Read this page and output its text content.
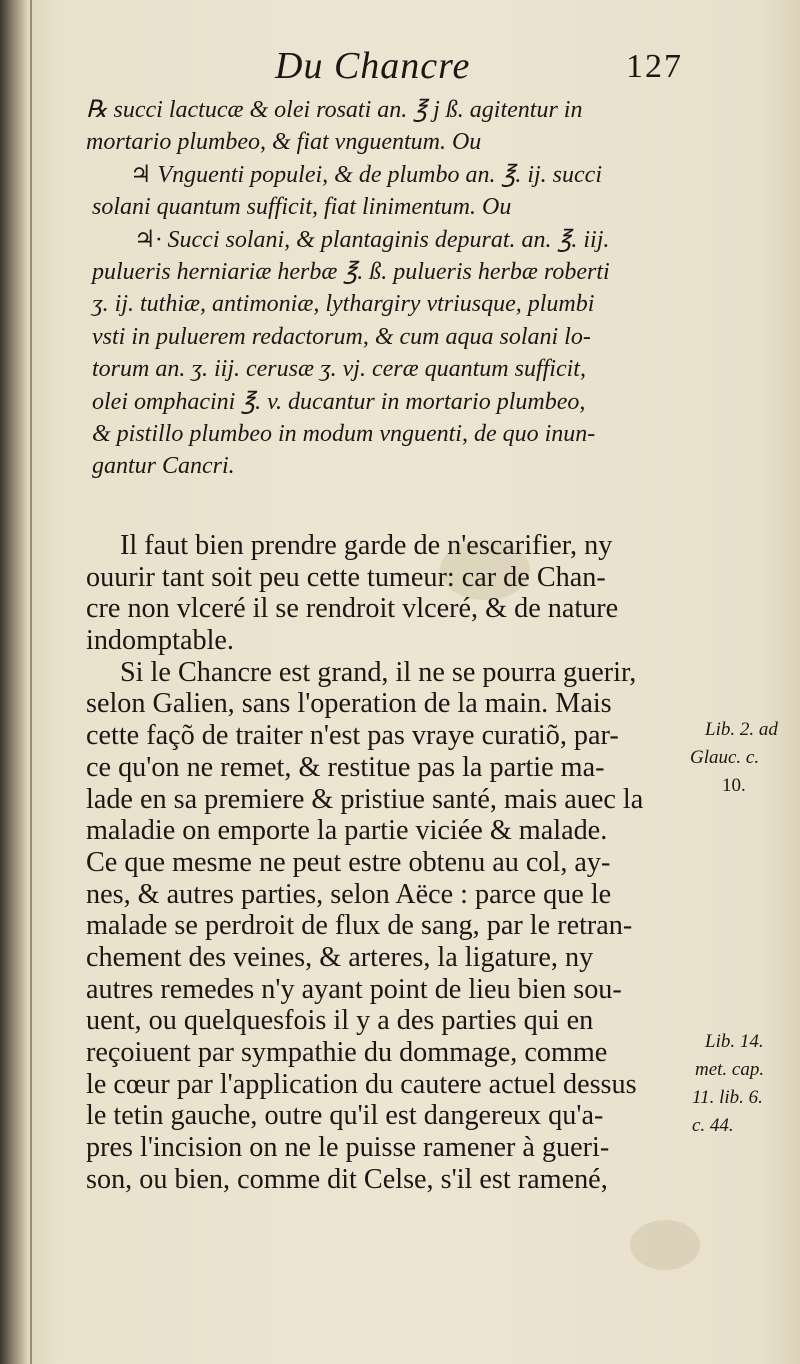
Du Chancre	127
℞ succi lactucæ & olei rosati an. ℥ j ß. agitentur in
mortario plumbeo, & fiat vnguentum. Ou
♃ Vnguenti populei, & de plumbo an. ℥. ij. succi
solani quantum sufficit, fiat linimentum. Ou
♃· Succi solani, & plantaginis depurat. an. ℥. iij.
pulueris herniariæ herbæ ℥. ß. pulueris herbæ roberti
ʒ. ij. tuthiæ, antimoniæ, lythargiry vtriusque, plumbi
vsti in puluerem redactorum, & cum aqua solani lo-
torum an. ʒ. iij. cerusæ ʒ. vj. ceræ quantum sufficit,
olei omphacini ℥. v. ducantur in mortario plumbeo,
& pistillo plumbeo in modum vnguenti, de quo inun-
gantur Cancri.
Il faut bien prendre garde de n'escarifier, ny
ouurir tant soit peu cette tumeur: car de Chan-
cre non vlceré il se rendroit vlceré, & de nature
indomptable.
Si le Chancre est grand, il ne se pourra guerir,
selon Galien, sans l'operation de la main. Mais
cette façõ de traiter n'est pas vraye curatiõ, par-
ce qu'on ne remet, & restitue pas la partie ma-
lade en sa premiere & pristiue santé, mais auec la
maladie on emporte la partie viciée & malade.
Ce que mesme ne peut estre obtenu au col, ay-
nes, & autres parties, selon Aëce : parce que le
malade se perdroit de flux de sang, par le retran-
chement des veines, & arteres, la ligature, ny
autres remedes n'y ayant point de lieu bien sou-
uent, ou quelquesfois il y a des parties qui en
reçoiuent par sympathie du dommage, comme
le cœur par l'application du cautere actuel dessus
le tetin gauche, outre qu'il est dangereux qu'a-
pres l'incision on ne le puisse ramener à gueri-
son, ou bien, comme dit Celse, s'il est ramené,
Lib. 2. ad
Glauc. c.
10.
Lib. 14.
met. cap.
11. lib. 6.
c. 44.
